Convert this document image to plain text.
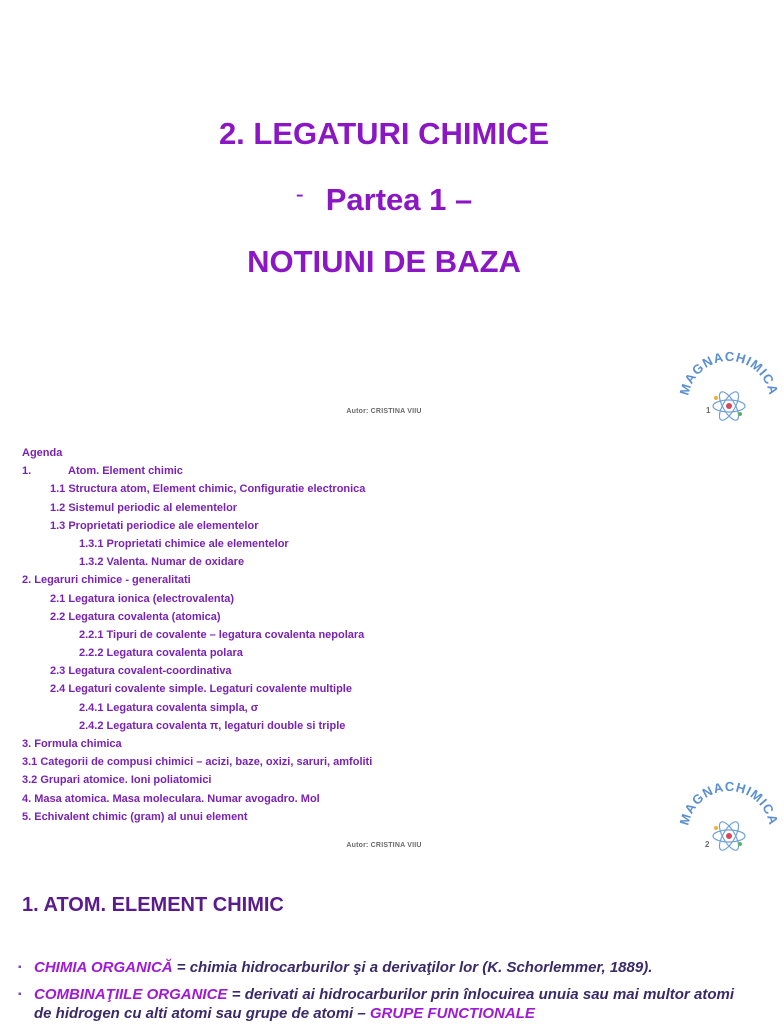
2. LEGATURI CHIMICE
- Partea 1 –
NOTIUNI DE BAZA
Autor: CRISTINA VIIU
MAGNACHIMICA
1
Agenda
1.	Atom. Element chimic
1.1 Structura atom, Element chimic, Configuratie electronica
1.2 Sistemul periodic al elementelor
1.3 Proprietati periodice ale elementelor
1.3.1 Proprietati chimice ale elementelor
1.3.2 Valenta. Numar de oxidare
2. Legaruri chimice - generalitati
2.1 Legatura ionica (electrovalenta)
2.2 Legatura covalenta (atomica)
2.2.1 Tipuri de covalente – legatura covalenta nepolara
2.2.2 Legatura covalenta polara
2.3 Legatura covalent-coordinativa
2.4 Legaturi covalente simple. Legaturi covalente multiple
2.4.1 Legatura covalenta simpla, σ
2.4.2 Legatura covalenta π, legaturi double si triple
3. Formula chimica
3.1 Categorii de compusi chimici – acizi, baze, oxizi, saruri, amfoliti
3.2 Grupari atomice. Ioni poliatomici
4. Masa atomica. Masa moleculara. Numar avogadro. Mol
5. Echivalent chimic (gram) al unui element
Autor: CRISTINA VIIU
MAGNACHIMICA
2
1. ATOM. ELEMENT CHIMIC
▪ CHIMIA ORGANICĂ = chimia hidrocarburilor şi a derivaţilor lor (K. Schorlemmer, 1889).
▪ COMBINAŢIILE ORGANICE = derivati ai hidrocarburilor prin înlocuirea unuia sau mai multor atomi de hidrogen cu alti atomi sau grupe de atomi – GRUPE FUNCTIONALE
